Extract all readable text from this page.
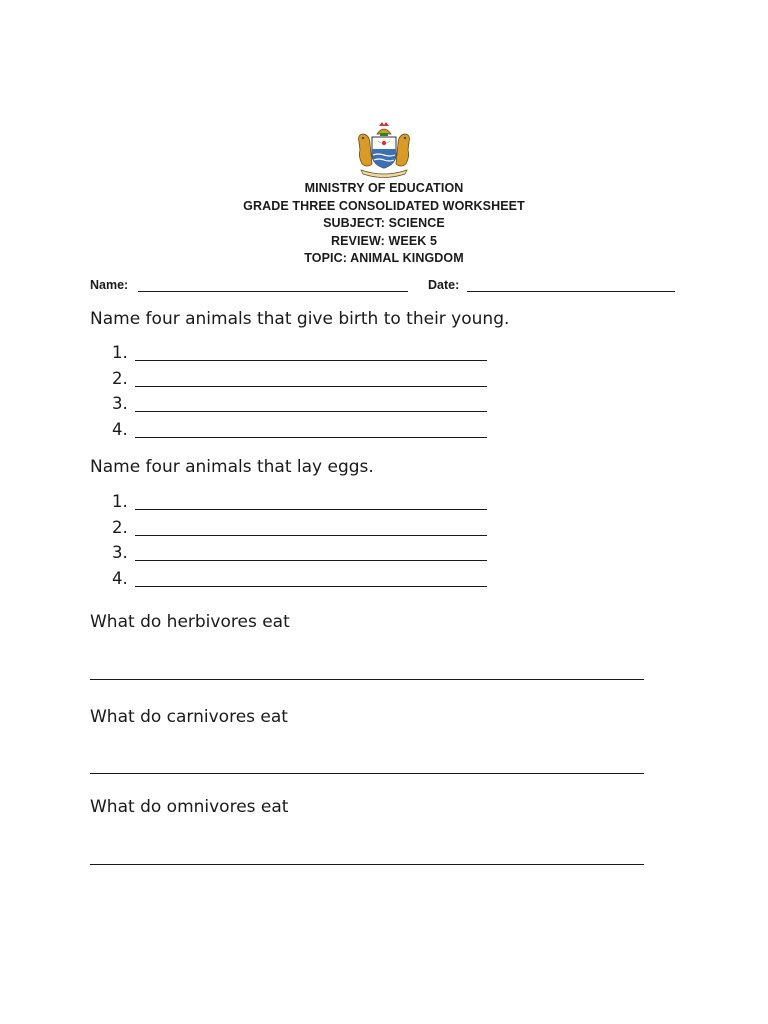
MINISTRY OF EDUCATION
GRADE THREE CONSOLIDATED WORKSHEET
SUBJECT: SCIENCE
REVIEW: WEEK 5
TOPIC: ANIMAL KINGDOM
Name:	Date:
Name four animals that give birth to their young.
1.
2.
3.
4.
Name four animals that lay eggs.
1.
2.
3.
4.
What do herbivores eat
What do carnivores eat
What do omnivores eat
